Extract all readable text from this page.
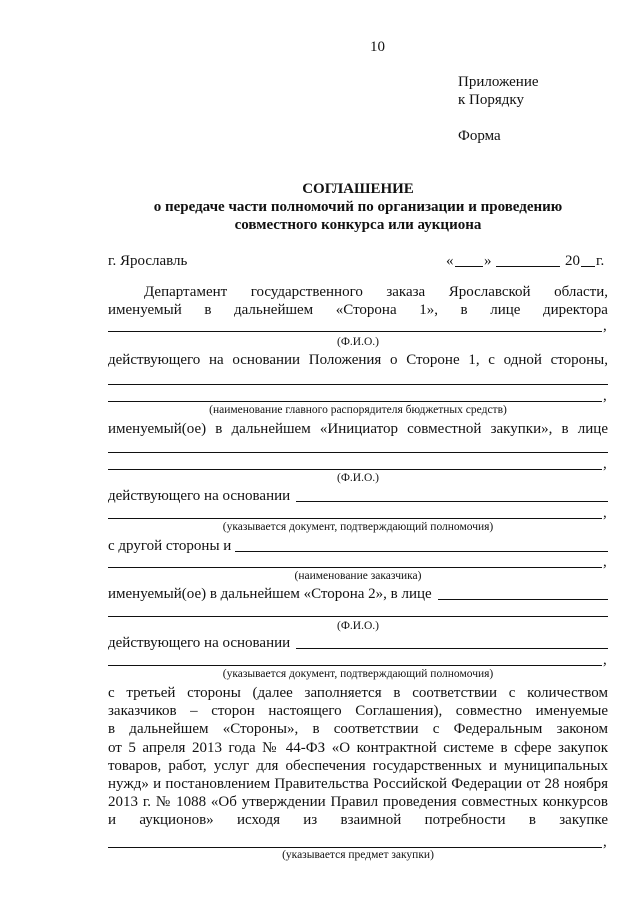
10
Приложение
к Порядку
Форма
СОГЛАШЕНИЕ
о передаче части полномочий по организации и проведению
совместного конкурса или аукциона
г. Ярославль	« »	20 г.
Департамент государственного заказа Ярославской области,
именуемый в дальнейшем «Сторона 1», в лице директора
,
(Ф.И.О.)
действующего на основании Положения о Стороне 1, с одной стороны,
,
(наименование главного распорядителя бюджетных средств)
именуемый(ое) в дальнейшем «Инициатор совместной закупки», в лице
,
(Ф.И.О.)
действующего на основании
,
(указывается документ, подтверждающий полномочия)
с другой стороны и
,
(наименование заказчика)
именуемый(ое) в дальнейшем «Сторона 2», в лице
(Ф.И.О.)
действующего на основании
,
(указывается документ, подтверждающий полномочия)
с третьей стороны (далее заполняется в соответствии с количеством
заказчиков – сторон настоящего Соглашения), совместно именуемые
в дальнейшем «Стороны», в соответствии с Федеральным законом
от 5 апреля 2013 года № 44-ФЗ «О контрактной системе в сфере закупок
товаров, работ, услуг для обеспечения государственных и муниципальных
нужд» и постановлением Правительства Российской Федерации от 28 ноября
2013 г. № 1088 «Об утверждении Правил проведения совместных конкурсов
и аукционов» исходя из взаимной потребности в закупке
,
(указывается предмет закупки)
